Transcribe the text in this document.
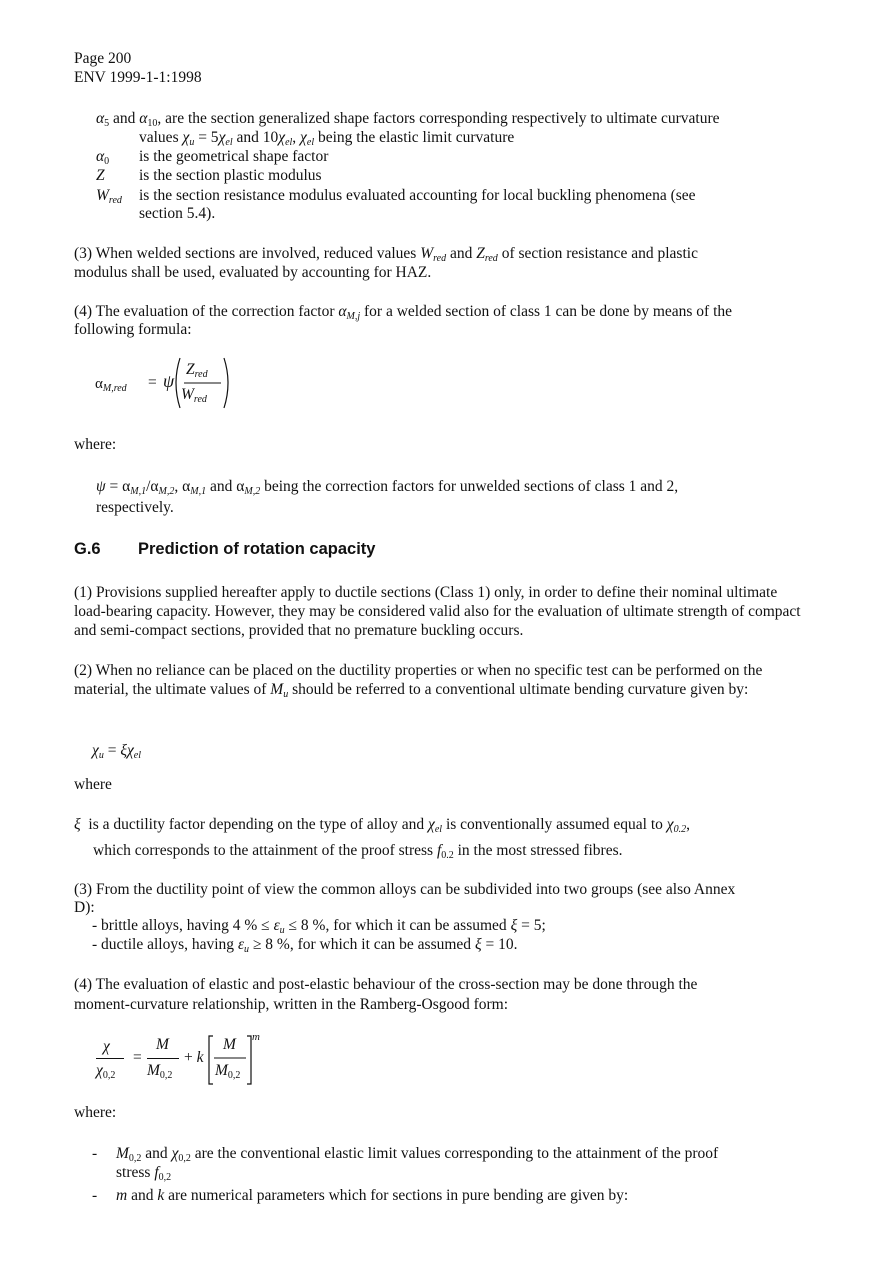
Page 200
ENV 1999-1-1:1998
$\alpha_5$ and $\alpha_{10}$, are the section generalized shape factors corresponding respectively to ultimate curvature
values $\chi_u = 5\chi_{el}$ and $10\chi_{el}$, $\chi_{el}$ being the elastic limit curvature
$\alpha_0$ is the geometrical shape factor
Z is the section plastic modulus
$W_{red}$ is the section resistance modulus evaluated accounting for local buckling phenomena (see
section 5.4).
(3) When welded sections are involved, reduced values $W_{red}$ and $Z_{red}$ of section resistance and plastic
modulus shall be used, evaluated by accounting for HAZ.
(4) The evaluation of the correction factor $\alpha_{M,j}$ for a welded section of class 1 can be done by means of the
following formula:
$\alpha_{M,red} = \psi$
$Z_{red}$
$W_{red}$
where:
$\psi = \alpha_{M,1}/\alpha_{M,2}$, $\alpha_{M,1}$ and $\alpha_{M,2}$ being the correction factors for unwelded sections of class 1 and 2,
respectively.
G.6 Prediction of rotation capacity
(1) Provisions supplied hereafter apply to ductile sections (Class 1) only, in order to define their nominal ultimate load-bearing capacity. However, they may be considered valid also for the evaluation of ultimate strength of compact and semi-compact sections, provided that no premature buckling occurs.
(2) When no reliance can be placed on the ductility properties or when no specific test can be performed on the material, the ultimate values of $M_u$ should be referred to a conventional ultimate bending curvature given by:
$\chi_u = \xi\chi_{el}$
where
ξ  is a ductility factor depending on the type of alloy and $\chi_{el}$ is conventionally assumed equal to $\chi_{0.2}$,
which corresponds to the attainment of the proof stress $f_{0.2}$ in the most stressed fibres.
(3) From the ductility point of view the common alloys can be subdivided into two groups (see also Annex
D):
- brittle alloys, having 4 % ≤ $\varepsilon_u \le 8$ %, for which it can be assumed ξ = 5;
- ductile alloys, having $\varepsilon_u \ge 8$ %, for which it can be assumed ξ = 10.
(4) The evaluation of elastic and post-elastic behaviour of the cross-section may be done through the
moment-curvature relationship, written in the Ramberg-Osgood form:
χ
$\chi_{0,2}$
=
M
$M_{0,2}$
+ k
M
$M_{0,2}$
m
where:
- $M_{0,2}$ and $\chi_{0,2}$ are the conventional elastic limit values corresponding to the attainment of the proof
stress $f_{0,2}$
- m and k are numerical parameters which for sections in pure bending are given by:
